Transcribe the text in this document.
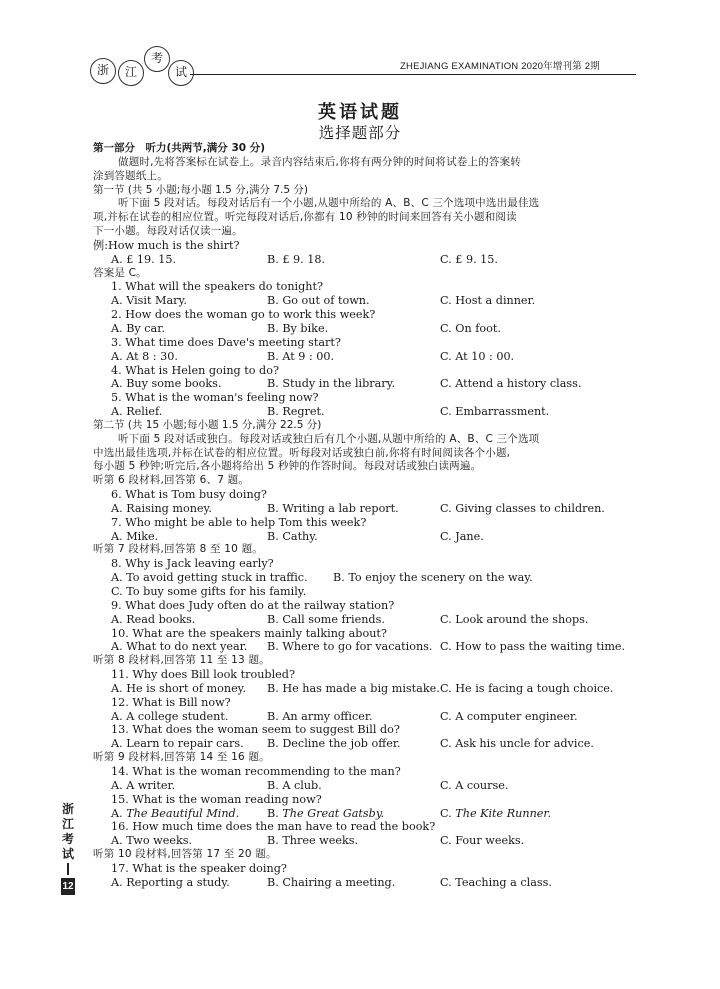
浙	江
考
试	ZHEJIANG EXAMINATION 2020年增刊第 2期
英语试题
选择题部分
第一部分　听力(共两节,满分 30 分)
做题时,先将答案标在试卷上。录音内容结束后,你将有两分钟的时间将试卷上的答案转
涂到答题纸上。
第一节 (共 5 小题;每小题 1.5 分,满分 7.5 分)
听下面 5 段对话。每段对话后有一个小题,从题中所给的 A、B、C 三个选项中选出最佳选
项,并标在试卷的相应位置。听完每段对话后,你都有 10 秒钟的时间来回答有关小题和阅读
下一小题。每段对话仅读一遍。
例:How much is the shirt?
A. £ 19. 15.	B. £ 9. 18.	C. £ 9. 15.
答案是 C。
1. What will the speakers do tonight?
A. Visit Mary.	B. Go out of town.	C. Host a dinner.
2. How does the woman go to work this week?
A. By car.	B. By bike.	C. On foot.
3. What time does Dave's meeting start?
A. At 8 : 30.	B. At 9 : 00.	C. At 10 : 00.
4. What is Helen going to do?
A. Buy some books.	B. Study in the library.	C. Attend a history class.
5. What is the woman's feeling now?
A. Relief.	B. Regret.	C. Embarrassment.
第二节 (共 15 小题;每小题 1.5 分,满分 22.5 分)
听下面 5 段对话或独白。每段对话或独白后有几个小题,从题中所给的 A、B、C 三个选项
中选出最佳选项,并标在试卷的相应位置。听每段对话或独白前,你将有时间阅读各个小题,
每小题 5 秒钟;听完后,各小题将给出 5 秒钟的作答时间。每段对话或独白读两遍。
听第 6 段材料,回答第 6、7 题。
6. What is Tom busy doing?
A. Raising money.	B. Writing a lab report.	C. Giving classes to children.
7. Who might be able to help Tom this week?
A. Mike.	B. Cathy.	C. Jane.
听第 7 段材料,回答第 8 至 10 题。
8. Why is Jack leaving early?
A. To avoid getting stuck in traffic. B. To enjoy the scenery on the way.
C. To buy some gifts for his family.
9. What does Judy often do at the railway station?
A. Read books.	B. Call some friends.	C. Look around the shops.
10. What are the speakers mainly talking about?
A. What to do next year. B. Where to go for vacations. C. How to pass the waiting time.
听第 8 段材料,回答第 11 至 13 题。
11. Why does Bill look troubled?
A. He is short of money. B. He has made a big mistake. C. He is facing a tough choice.
12. What is Bill now?
A. A college student.	B. An army officer.	C. A computer engineer.
13. What does the woman seem to suggest Bill do?
A. Learn to repair cars. B. Decline the job offer.	C. Ask his uncle for advice.
听第 9 段材料,回答第 14 至 16 题。
14. What is the woman recommending to the man?
A. A writer.	B. A club.	C. A course.
15. What is the woman reading now?
A. The Beautiful Mind. B. The Great Gatsby.	C. The Kite Runner.
16. How much time does the man have to read the book?
A. Two weeks.	B. Three weeks.	C. Four weeks.
听第 10 段材料,回答第 17 至 20 题。
17. What is the speaker doing?
A. Reporting a study.	B. Chairing a meeting.	C. Teaching a class.
浙
江
考
试
12
